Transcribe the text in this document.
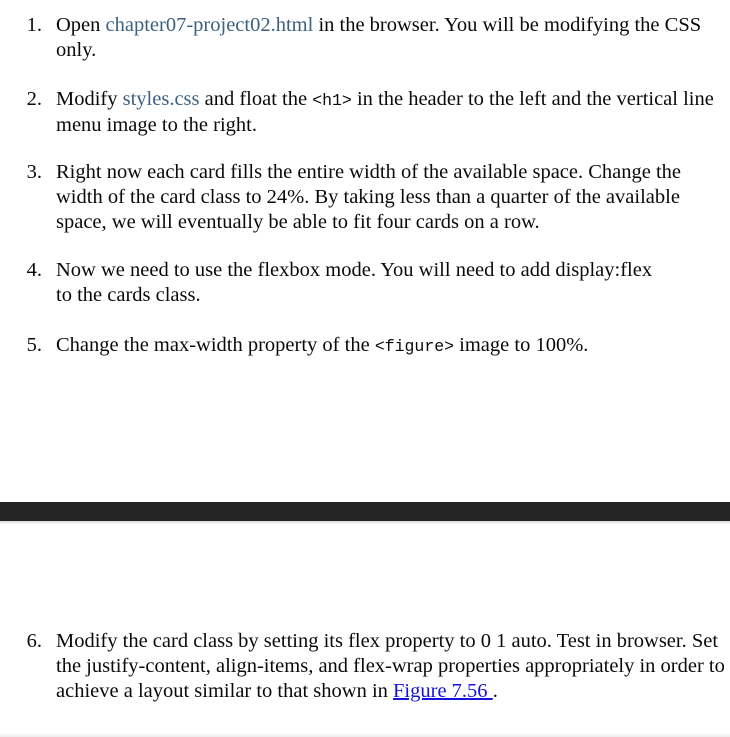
1. Open chapter07-project02.html in the browser. You will be modifying the CSS only.
2. Modify styles.css and float the <h1> in the header to the left and the vertical line menu image to the right.
3. Right now each card fills the entire width of the available space. Change the width of the card class to 24%. By taking less than a quarter of the available space, we will eventually be able to fit four cards on a row.
4. Now we need to use the flexbox mode. You will need to add display:flex to the cards class.
5. Change the max-width property of the <figure> image to 100%.
6. Modify the card class by setting its flex property to 0 1 auto. Test in browser. Set the justify-content, align-items, and flex-wrap properties appropriately in order to achieve a layout similar to that shown in Figure 7.56 .
